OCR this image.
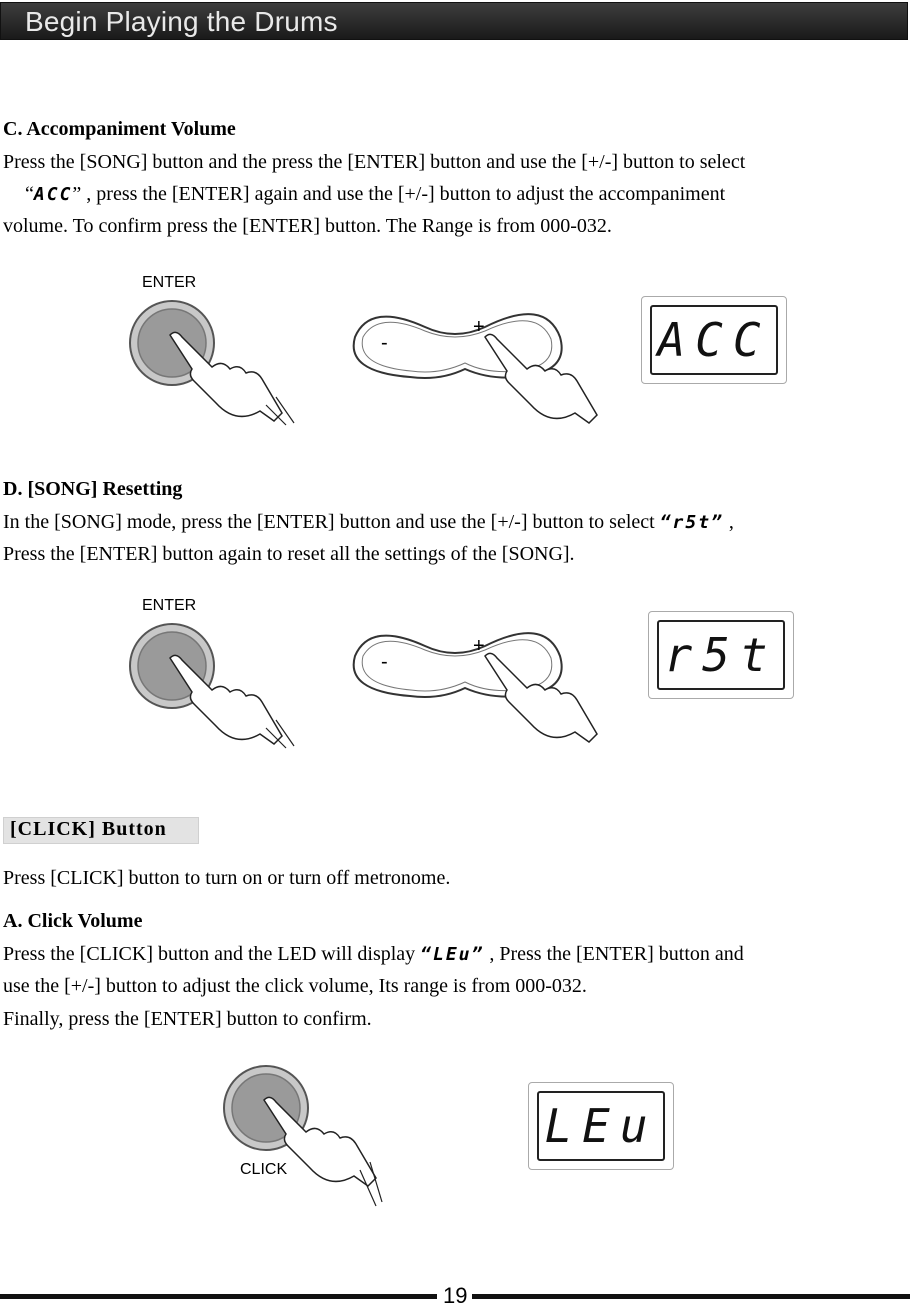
Begin Playing the Drums
C. Accompaniment Volume
Press the [SONG] button and the press the [ENTER] button and use the [+/-] button to select
“ACC” , press the [ENTER] again and use the [+/-] button to adjust the accompaniment
volume. To confirm press the [ENTER] button. The Range is from 000-032.
ENTER
-
+	ACC
D. [SONG] Resetting
In the [SONG] mode, press the [ENTER] button and use the [+/-] button to select “r5t” ,
Press the [ENTER] button again to reset all the settings of the [SONG].
ENTER
-
+	r5t
[CLICK] Button
Press [CLICK] button to turn on or turn off metronome.
A. Click Volume
Press the [CLICK] button and the LED will display “LEu” , Press the [ENTER] button and
use the [+/-] button to adjust the click volume, Its range is from 000-032.
Finally, press the [ENTER] button to confirm.
CLICK
LEu
19
